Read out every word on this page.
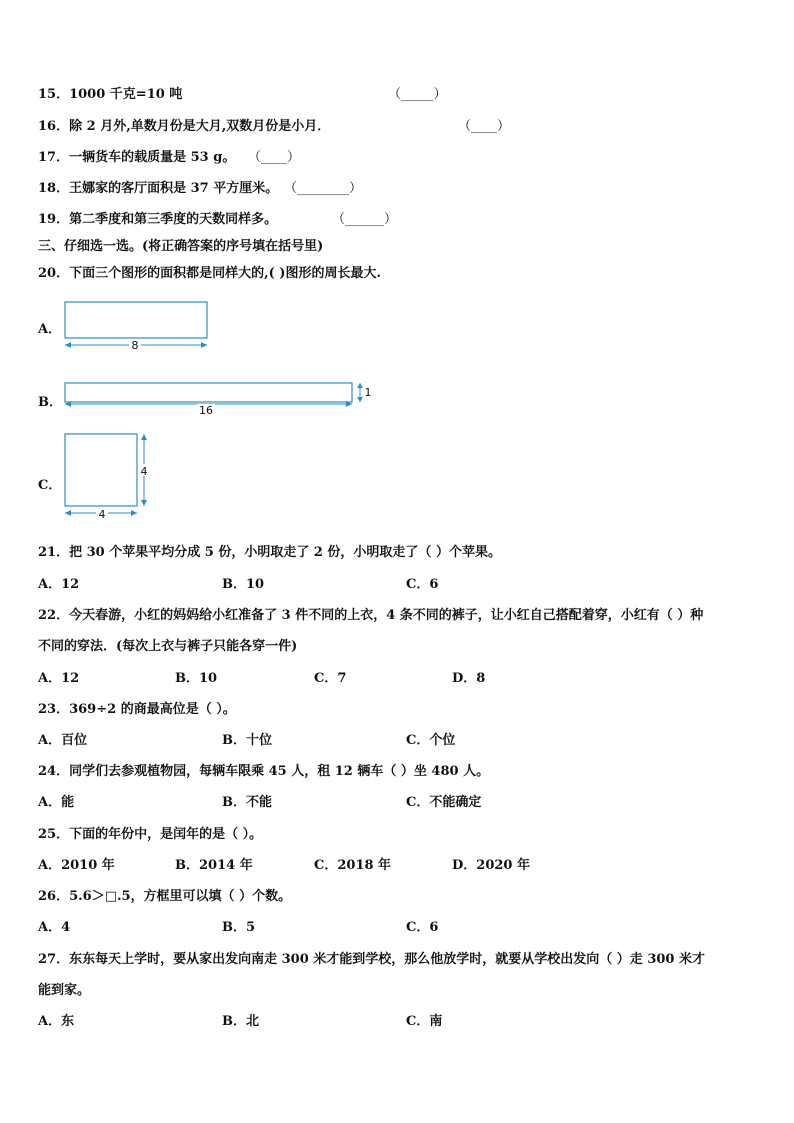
15．1000 千克=10 吨	（_____）
16．除 2 月外,单数月份是大月,双数月份是小月．	（____）
17．一辆货车的载质量是 53 g。 （____）
18．王娜家的客厅面积是 37 平方厘米。 （________）
19．第二季度和第三季度的天数同样多。	（______）
三、仔细选一选。(将正确答案的序号填在括号里)
20．下面三个图形的面积都是同样大的,( )图形的周长最大.
A．
8
B．
16
1
C．
4
4
21．把 30 个苹果平均分成 5 份，小明取走了 2 份，小明取走了（ ）个苹果。
A．12	B．10	C．6
22．今天春游，小红的妈妈给小红准备了 3 件不同的上衣，4 条不同的裤子，让小红自己搭配着穿，小红有（ ）种
不同的穿法．(每次上衣与裤子只能各穿一件)
A．12	B．10	C．7	D．8
23．369÷2 的商最高位是（ ）。
A．百位	B．十位	C．个位
24．同学们去参观植物园，每辆车限乘 45 人，租 12 辆车（ ）坐 480 人。
A．能	B．不能	C．不能确定
25．下面的年份中，是闰年的是（ ）。
A．2010 年	B．2014 年	C．2018 年	D．2020 年
26．5.6＞□.5，方框里可以填（ ）个数。
A．4	B．5	C．6
27．东东每天上学时，要从家出发向南走 300 米才能到学校，那么他放学时，就要从学校出发向（ ）走 300 米才
能到家。
A．东	B．北	C．南
